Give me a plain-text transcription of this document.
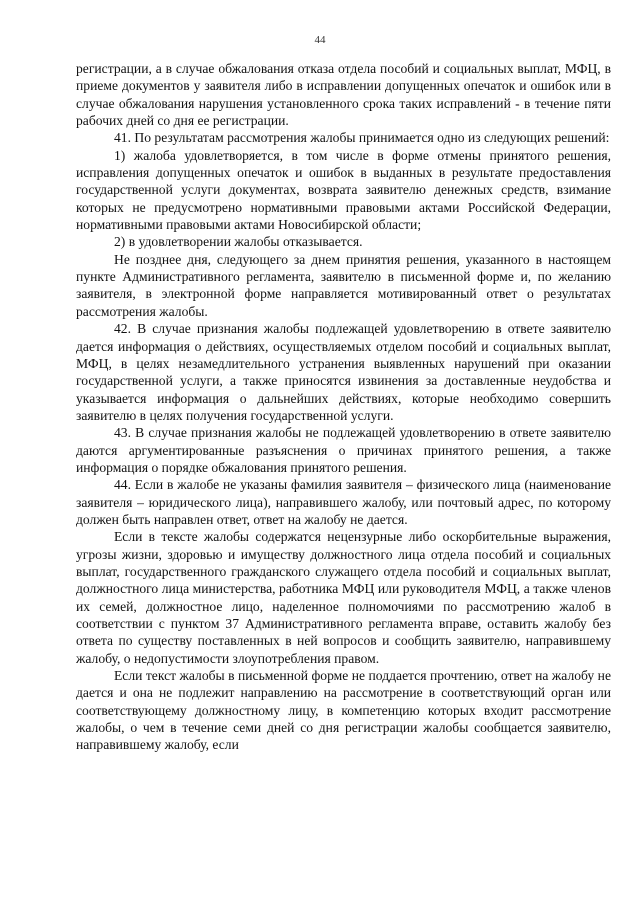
44

регистрации, а в случае обжалования отказа отдела пособий и социальных выплат, МФЦ, в приеме документов у заявителя либо в исправлении допущенных опечаток и ошибок или в случае обжалования нарушения установленного срока таких исправлений - в течение пяти рабочих дней со дня ее регистрации.

41. По результатам рассмотрения жалобы принимается одно из следующих решений:

1) жалоба удовлетворяется, в том числе в форме отмены принятого решения, исправления допущенных опечаток и ошибок в выданных в результате предоставления государственной услуги документах, возврата заявителю денежных средств, взимание которых не предусмотрено нормативными правовыми актами Российской Федерации, нормативными правовыми актами Новосибирской области;

2) в удовлетворении жалобы отказывается.

Не позднее дня, следующего за днем принятия решения, указанного в настоящем пункте Административного регламента, заявителю в письменной форме и, по желанию заявителя, в электронной форме направляется мотивированный ответ о результатах рассмотрения жалобы.

42. В случае признания жалобы подлежащей удовлетворению в ответе заявителю дается информация о действиях, осуществляемых отделом пособий и социальных выплат, МФЦ, в целях незамедлительного устранения выявленных нарушений при оказании государственной услуги, а также приносятся извинения за доставленные неудобства и указывается информация о дальнейших действиях, которые необходимо совершить заявителю в целях получения государственной услуги.

43. В случае признания жалобы не подлежащей удовлетворению в ответе заявителю даются аргументированные разъяснения о причинах принятого решения, а также информация о порядке обжалования принятого решения.

44. Если в жалобе не указаны фамилия заявителя – физического лица (наименование заявителя – юридического лица), направившего жалобу, или почтовый адрес, по которому должен быть направлен ответ, ответ на жалобу не дается.

Если в тексте жалобы содержатся нецензурные либо оскорбительные выражения, угрозы жизни, здоровью и имуществу должностного лица отдела пособий и социальных выплат, государственного гражданского служащего отдела пособий и социальных выплат, должностного лица министерства, работника МФЦ или руководителя МФЦ, а также членов их семей, должностное лицо, наделенное полномочиями по рассмотрению жалоб в соответствии с пунктом 37 Административного регламента вправе, оставить жалобу без ответа по существу поставленных в ней вопросов и сообщить заявителю, направившему жалобу, о недопустимости злоупотребления правом.

Если текст жалобы в письменной форме не поддается прочтению, ответ на жалобу не дается и она не подлежит направлению на рассмотрение в соответствующий орган или соответствующему должностному лицу, в компетенцию которых входит рассмотрение жалобы, о чем в течение семи дней со дня регистрации жалобы сообщается заявителю, направившему жалобу, если
